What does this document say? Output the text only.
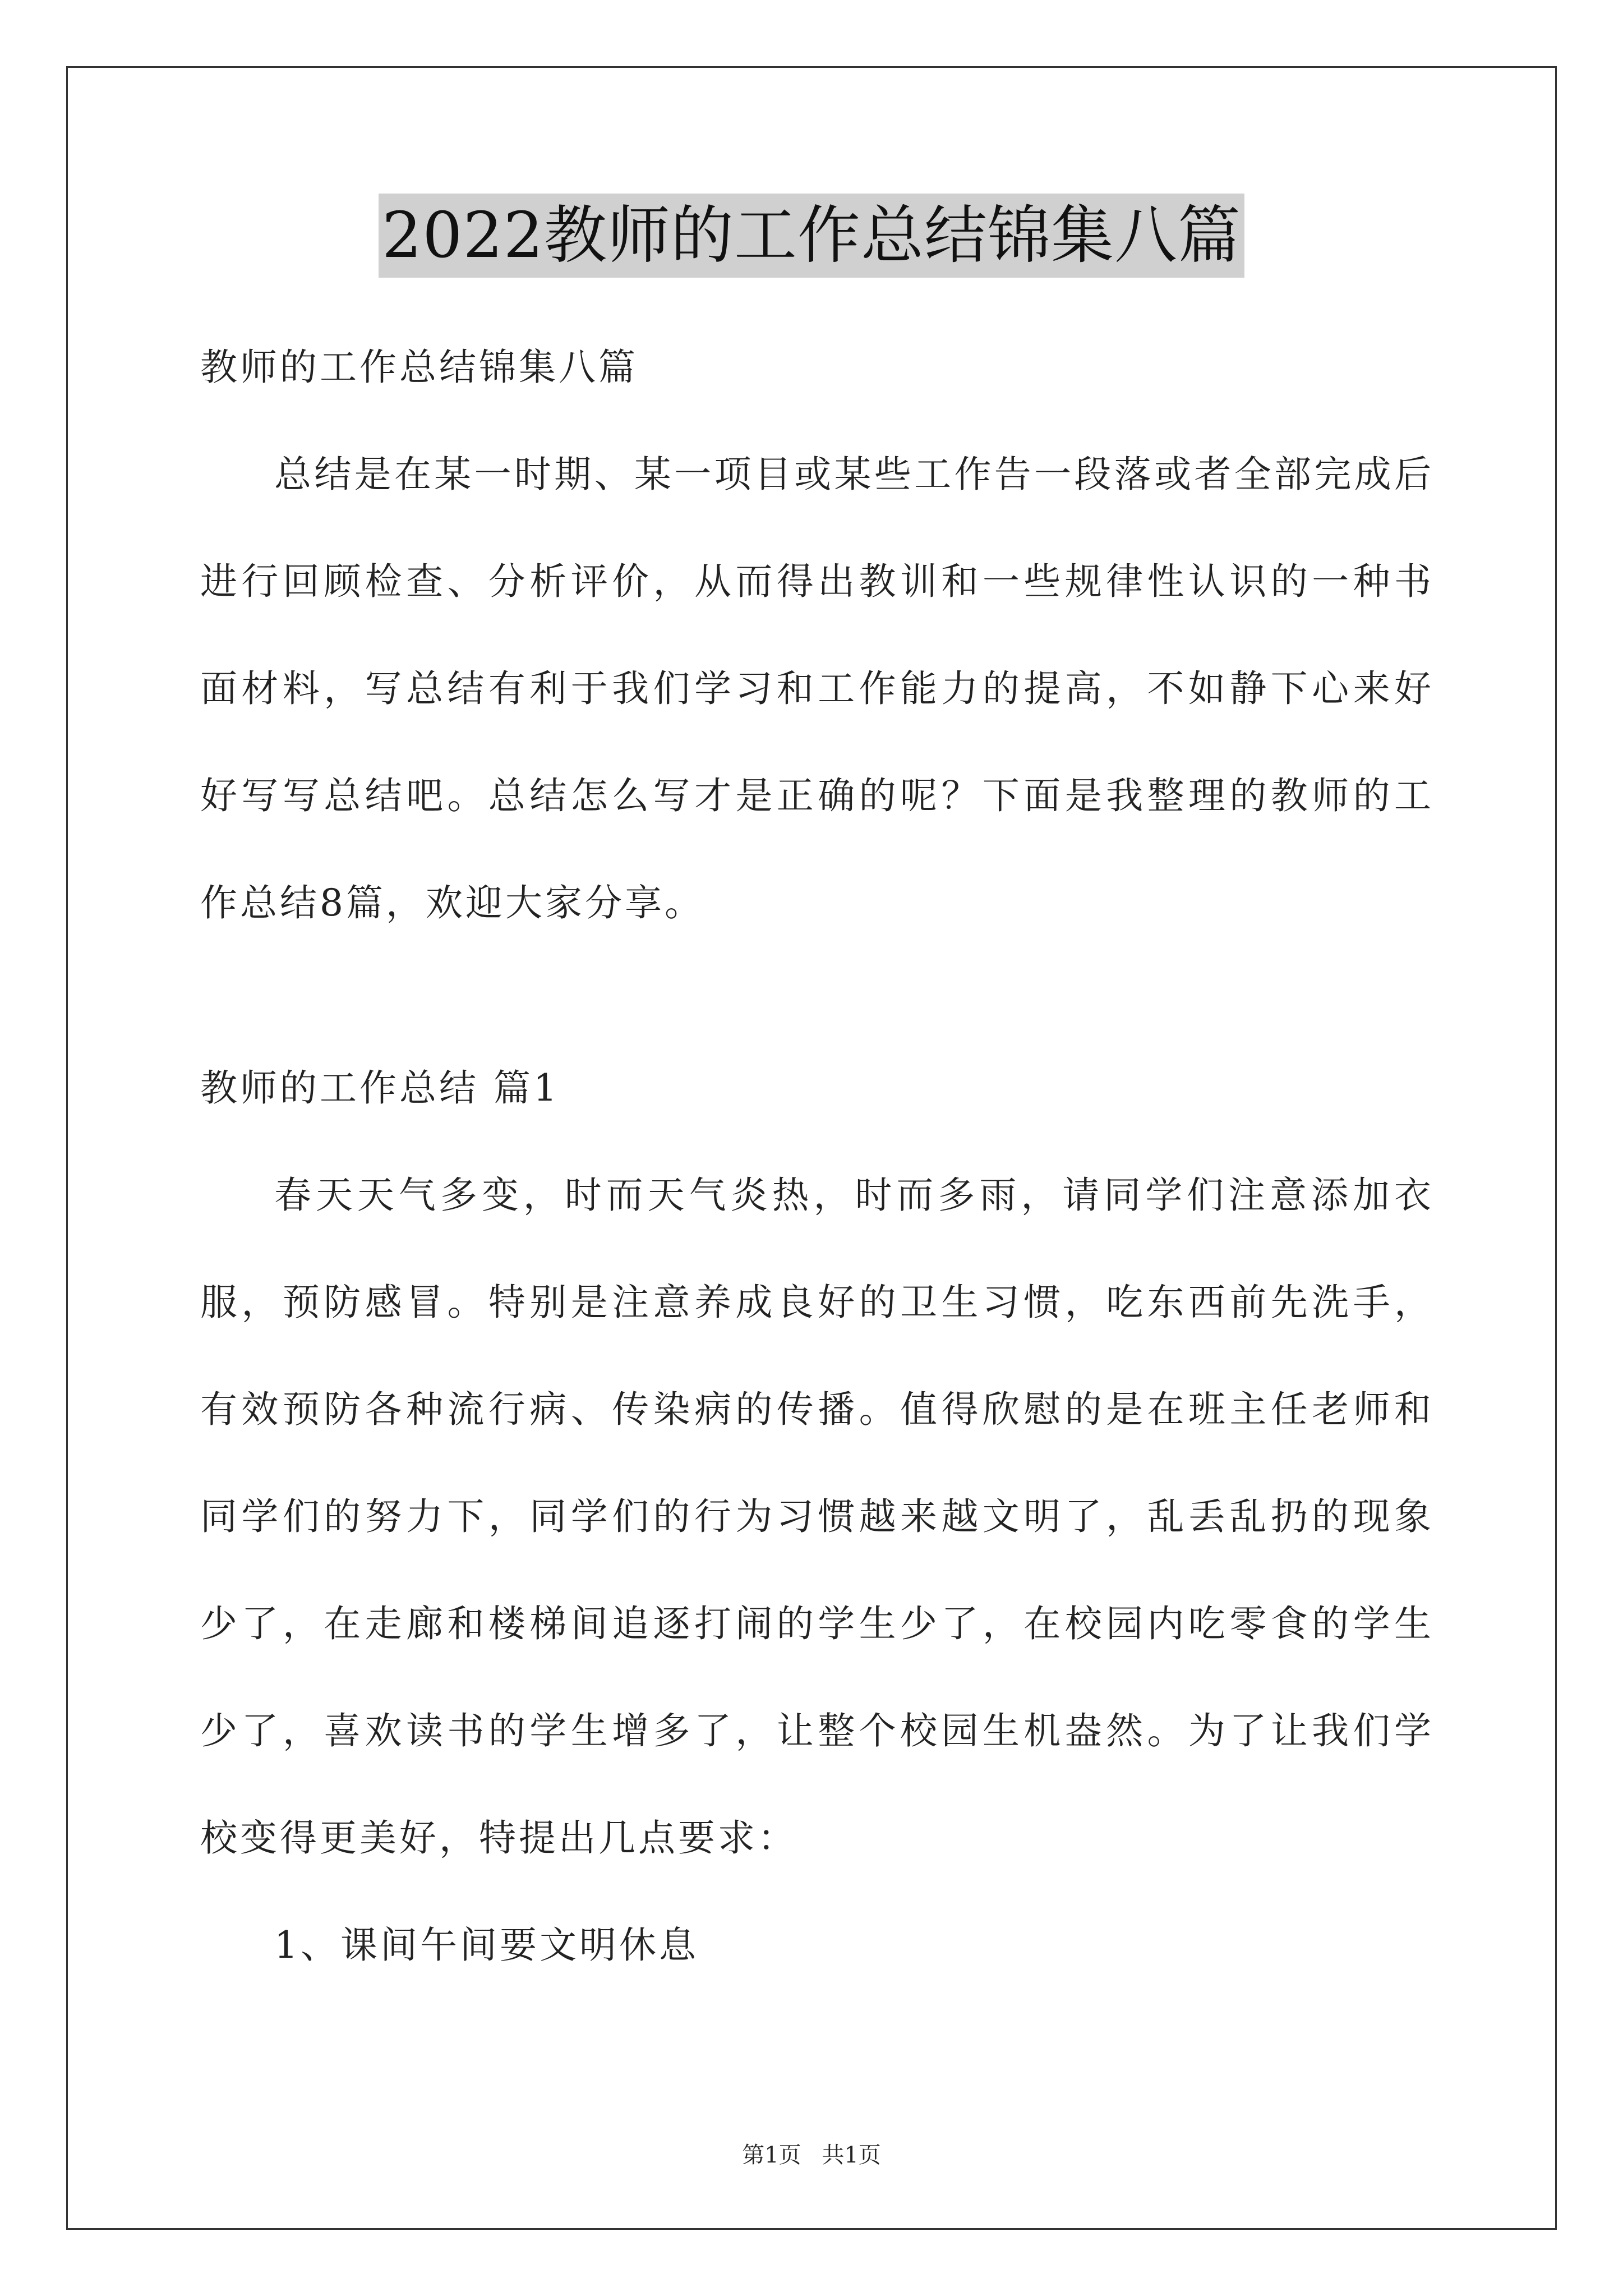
2022教师的工作总结锦集八篇

教师的工作总结锦集八篇

总结是在某一时期、某一项目或某些工作告一段落或者全部完成后进行回顾检查、分析评价，从而得出教训和一些规律性认识的一种书面材料，写总结有利于我们学习和工作能力的提高，不如静下心来好好写写总结吧。总结怎么写才是正确的呢？下面是我整理的教师的工作总结8篇，欢迎大家分享。

教师的工作总结 篇1

春天天气多变，时而天气炎热，时而多雨，请同学们注意添加衣服，预防感冒。特别是注意养成良好的卫生习惯，吃东西前先洗手，有效预防各种流行病、传染病的传播。值得欣慰的是在班主任老师和同学们的努力下，同学们的行为习惯越来越文明了，乱丢乱扔的现象少了，在走廊和楼梯间追逐打闹的学生少了，在校园内吃零食的学生少了，喜欢读书的学生增多了，让整个校园生机盎然。为了让我们学校变得更美好，特提出几点要求：

1、课间午间要文明休息

第1页 共1页
